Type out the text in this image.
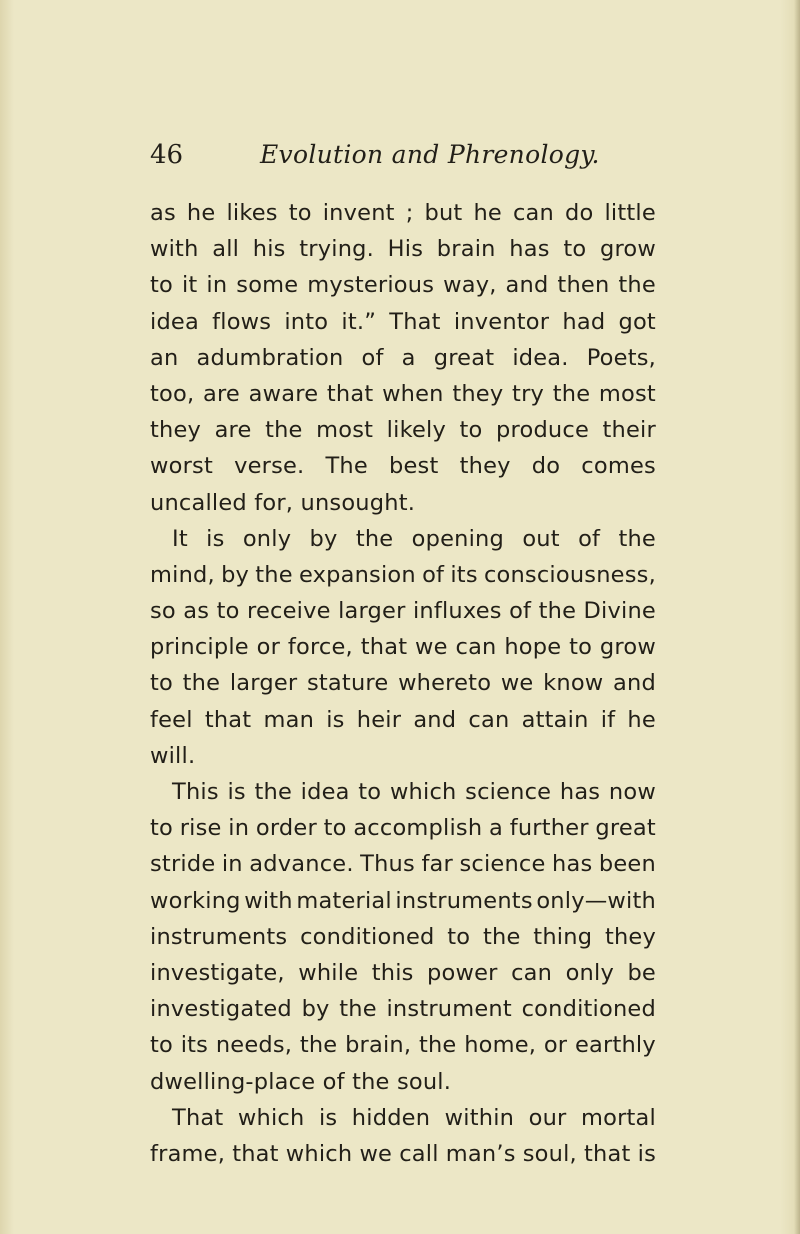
46	Evolution and Phrenology.
as he likes to invent ; but he can do little
with all his trying. His brain has to grow
to it in some mysterious way, and then the
idea flows into it.” That inventor had got
an adumbration of a great idea. Poets,
too, are aware that when they try the most
they are the most likely to produce their
worst verse. The best they do comes
uncalled for, unsought.
It is only by the opening out of the
mind, by the expansion of its consciousness,
so as to receive larger influxes of the Divine
principle or force, that we can hope to grow
to the larger stature whereto we know and
feel that man is heir and can attain if he
will.
This is the idea to which science has now
to rise in order to accomplish a further great
stride in advance. Thus far science has been
working with material instruments only—with
instruments conditioned to the thing they
investigate, while this power can only be
investigated by the instrument conditioned
to its needs, the brain, the home, or earthly
dwelling-place of the soul.
That which is hidden within our mortal
frame, that which we call man’s soul, that is
